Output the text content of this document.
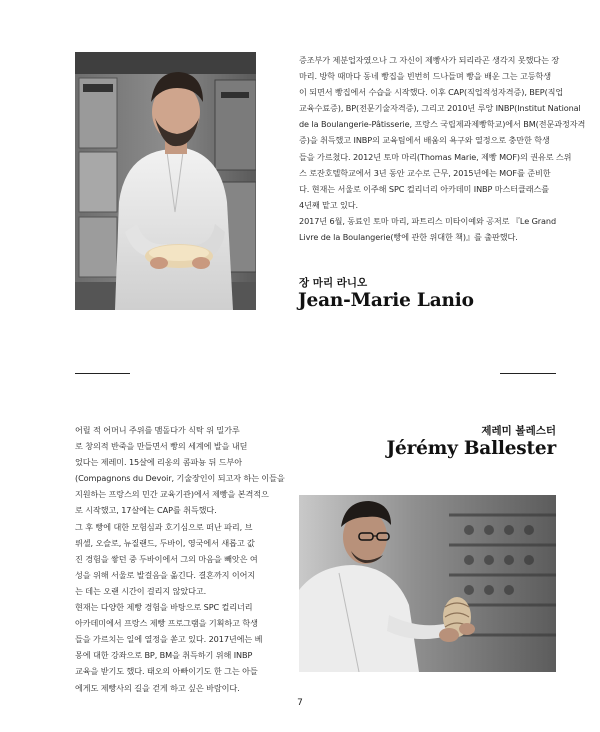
증조부가 제분업자였으나 그 자신이 제빵사가 되리라곤 생각지 못했다는 장
마리. 방학 때마다 동네 빵집을 빈번히 드나들며 빵을 배운 그는 고등학생
이 되면서 빵집에서 수습을 시작했다. 이후 CAP(직업적성자격증), BEP(직업
교육수료증), BP(전문기술자격증), 그리고 2010년 루앙 INBP(Institut National
de la Boulangerie-Pâtisserie, 프랑스 국립제과제빵학교)에서 BM(전문과정자격
증)을 취득했고 INBP의 교육팀에서 배움의 욕구와 열정으로 충만한 학생
들을 가르쳤다. 2012년 토마 마리(Thomas Marie, 제빵 MOF)의 권유로 스위
스 로잔호텔학교에서 3년 동안 교수로 근무, 2015년에는 MOF를 준비한
다. 현재는 서울로 이주해 SPC 컬리너리 아카데미 INBP 마스터클래스를
4년째 맡고 있다.
2017년 6월, 동료인 토마 마리, 파트리스 미타이예와 공저로 『Le Grand
Livre de la Boulangerie(빵에 관한 위대한 책)』를 출판했다.
장 마리 라니오
Jean-Marie Lanio
어릴 적 어머니 주위를 맴돌다가 식탁 위 밀가루
로 창의적 반죽을 만들면서 빵의 세계에 발을 내딛
었다는 제레미. 15살에 리옹의 콤파뇽 뒤 드부아
(Compagnons du Devoir, 기술장인이 되고자 하는 이들을
지원하는 프랑스의 민간 교육기관)에서 제빵을 본격적으
로 시작했고, 17살에는 CAP를 취득했다.
그 후 빵에 대한 모험심과 호기심으로 떠난 파리, 브
뤼셀, 오슬로, 뉴질랜드, 두바이, 영국에서 새롭고 값
진 경험을 쌓던 중 두바이에서 그의 마음을 빼앗은 여
성을 위해 서울로 발걸음을 옮긴다. 결혼까지 이어지
는 데는 오랜 시간이 걸리지 않았다고.
현재는 다양한 제빵 경험을 바탕으로 SPC 컬리너리
아카데미에서 프랑스 제빵 프로그램을 기획하고 학생
들을 가르치는 일에 열정을 쏟고 있다. 2017년에는 베
몽에 대한 강좌으로 BP, BM을 취득하기 위해 INBP
교육을 받기도 했다. 태오의 아빠이기도 한 그는 아들
에게도 제빵사의 길을 걷게 하고 싶은 바람이다.
제레미 볼레스터
Jérémy Ballester
7
